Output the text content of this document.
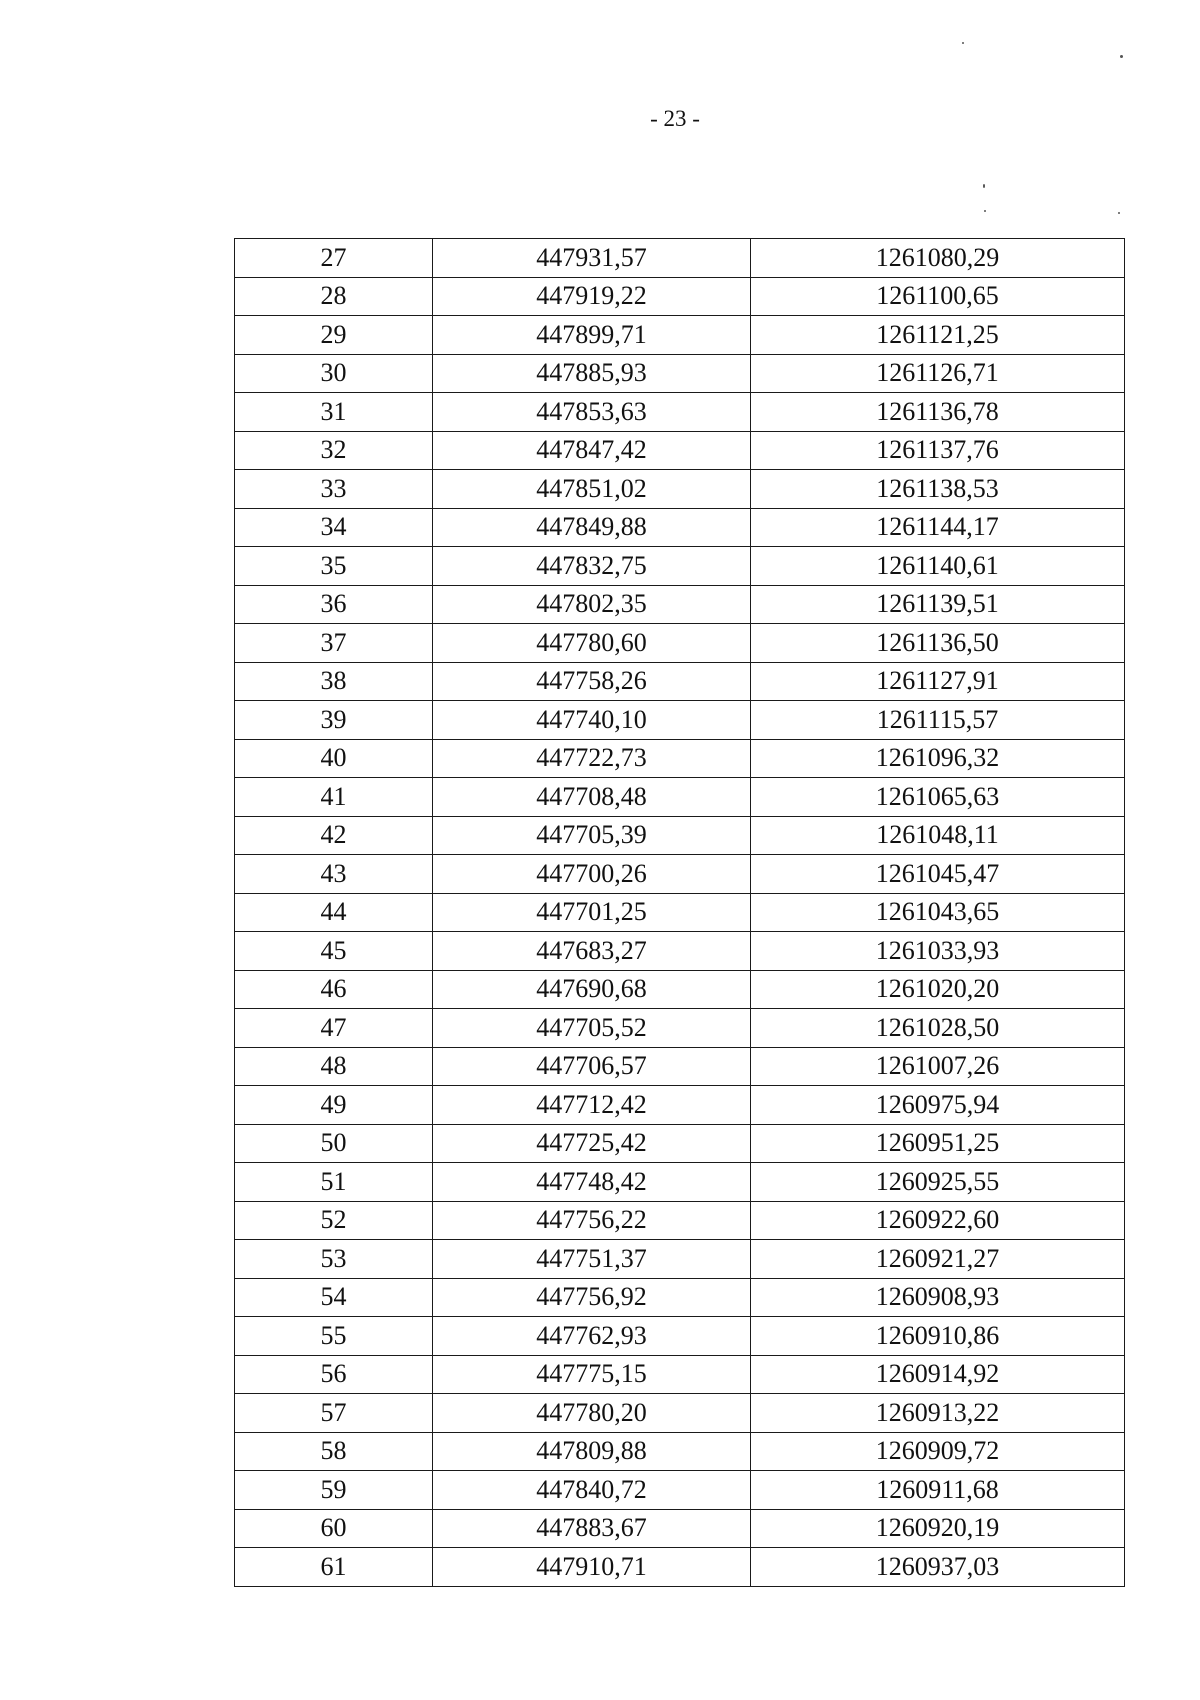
- 23 -
27	447931,57	1261080,29
28	447919,22	1261100,65
29	447899,71	1261121,25
30	447885,93	1261126,71
31	447853,63	1261136,78
32	447847,42	1261137,76
33	447851,02	1261138,53
34	447849,88	1261144,17
35	447832,75	1261140,61
36	447802,35	1261139,51
37	447780,60	1261136,50
38	447758,26	1261127,91
39	447740,10	1261115,57
40	447722,73	1261096,32
41	447708,48	1261065,63
42	447705,39	1261048,11
43	447700,26	1261045,47
44	447701,25	1261043,65
45	447683,27	1261033,93
46	447690,68	1261020,20
47	447705,52	1261028,50
48	447706,57	1261007,26
49	447712,42	1260975,94
50	447725,42	1260951,25
51	447748,42	1260925,55
52	447756,22	1260922,60
53	447751,37	1260921,27
54	447756,92	1260908,93
55	447762,93	1260910,86
56	447775,15	1260914,92
57	447780,20	1260913,22
58	447809,88	1260909,72
59	447840,72	1260911,68
60	447883,67	1260920,19
61	447910,71	1260937,03
